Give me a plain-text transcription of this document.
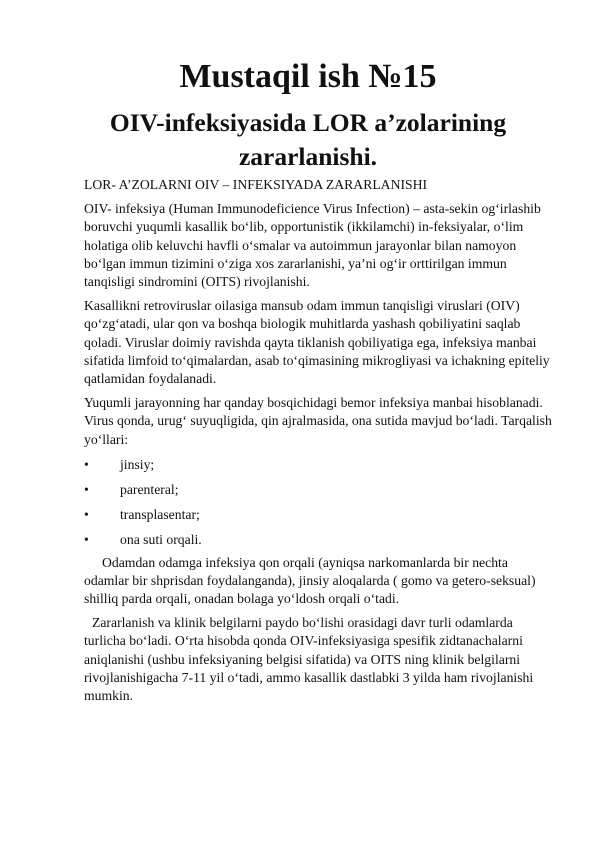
Mustaqil ish №15
OIV-infeksiyasida LOR a’zolarining zararlanishi.

LOR- A’ZOLARNI OIV – INFEKSIYADA ZARARLANISHI

OIV- infeksiya (Human Immunodeficience Virus Infection) – asta-sekin og‘irlashib boruvchi yuqumli kasallik bo‘lib, opportunistik (ikkilamchi) in-feksiyalar, o‘lim holatiga olib keluvchi havfli o‘smalar va autoimmun jarayonlar bilan namoyon bo‘lgan immun tizimini o‘ziga xos zararlanishi, ya’ni og‘ir orttirilgan immun tanqisligi sindromini (OITS) rivojlanishi.

Kasallikni retroviruslar oilasiga mansub odam immun tanqisligi viruslari (OIV) qo‘zg‘atadi, ular qon va boshqa biologik muhitlarda yashash qobiliyatini saqlab qoladi. Viruslar doimiy ravishda qayta tiklanish qobiliyatiga ega, infeksiya manbai sifatida limfoid to‘qimalardan, asab to‘qimasining mikrogliyasi va ichakning epiteliy qatlamidan foydalanadi.

Yuqumli jarayonning har qanday bosqichidagi bemor infeksiya manbai hisoblanadi. Virus qonda, urug‘ suyuqligida, qin ajralmasida, ona sutida mavjud bo‘ladi. Tarqalish yo‘llari:

•	jinsiy;
•	parenteral;
•	transplasentar;
•	ona suti orqali.

Odamdan odamga infeksiya qon orqali (ayniqsa narkomanlarda bir nechta odamlar bir shprisdan foydalanganda), jinsiy aloqalarda ( gomo va getero-seksual) shilliq parda orqali, onadan bolaga yo‘ldosh orqali o‘tadi.

Zararlanish va klinik belgilarni paydo bo‘lishi orasidagi davr turli odamlarda turlicha bo‘ladi. O‘rta hisobda qonda OIV-infeksiyasiga spesifik zidtanachalarni aniqlanishi (ushbu infeksiyaning belgisi sifatida) va OITS ning klinik belgilarni rivojlanishigacha 7-11 yil o‘tadi, ammo kasallik dastlabki 3 yilda ham rivojlanishi mumkin.
